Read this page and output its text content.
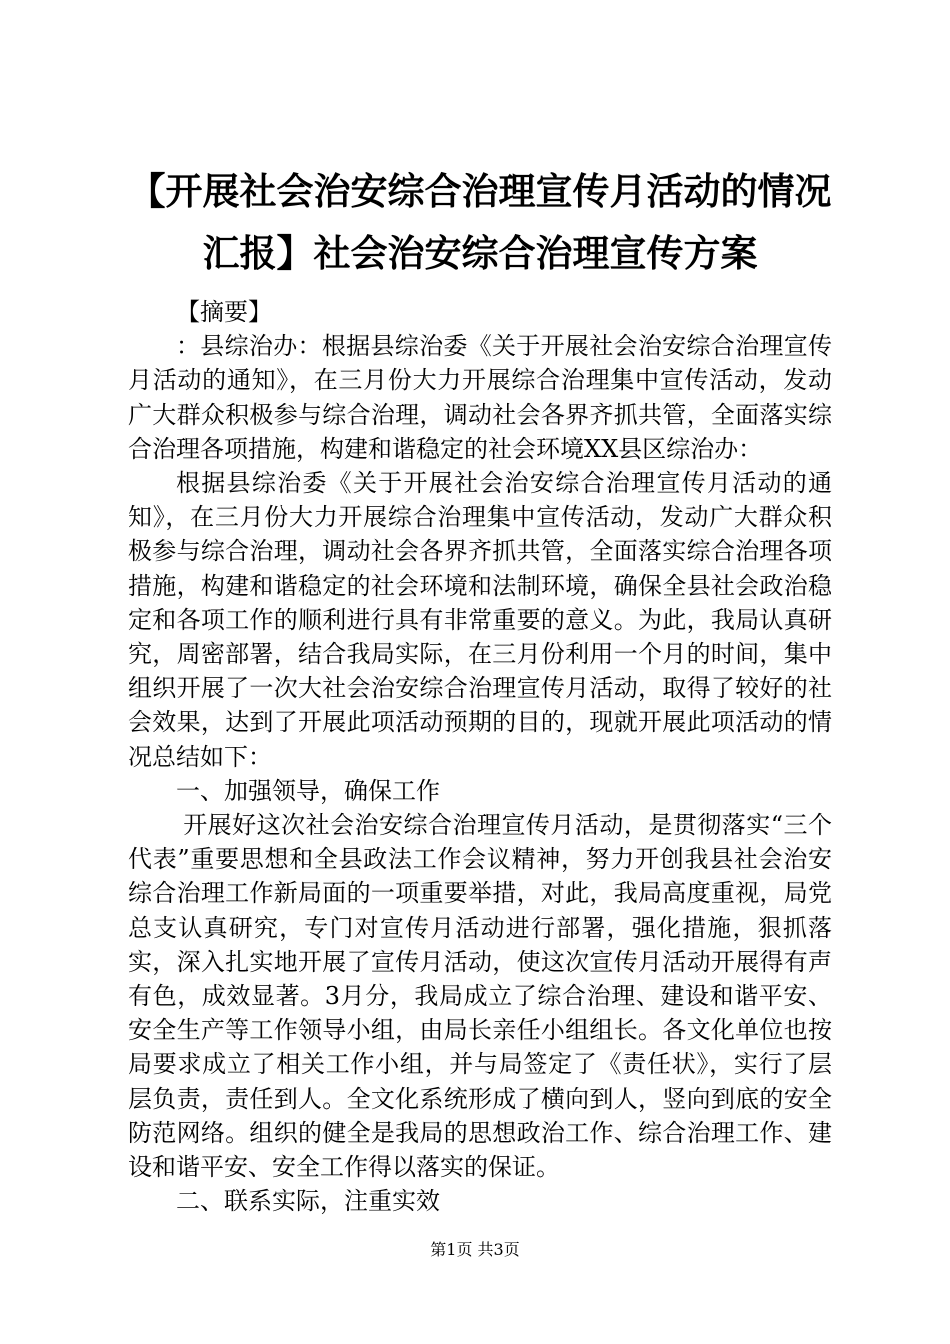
【开展社会治安综合治理宣传月活动的情况汇报】社会治安综合治理宣传方案

【摘要】

：县综治办：根据县综治委《关于开展社会治安综合治理宣传月活动的通知》，在三月份大力开展综合治理集中宣传活动，发动广大群众积极参与综合治理，调动社会各界齐抓共管，全面落实综合治理各项措施，构建和谐稳定的社会环境XX县区综治办：

根据县综治委《关于开展社会治安综合治理宣传月活动的通知》，在三月份大力开展综合治理集中宣传活动，发动广大群众积极参与综合治理，调动社会各界齐抓共管，全面落实综合治理各项措施，构建和谐稳定的社会环境和法制环境，确保全县社会政治稳定和各项工作的顺利进行具有非常重要的意义。为此，我局认真研究，周密部署，结合我局实际，在三月份利用一个月的时间，集中组织开展了一次大社会治安综合治理宣传月活动，取得了较好的社会效果，达到了开展此项活动预期的目的，现就开展此项活动的情况总结如下：

一、加强领导，确保工作

开展好这次社会治安综合治理宣传月活动，是贯彻落实“三个代表”重要思想和全县政法工作会议精神，努力开创我县社会治安综合治理工作新局面的一项重要举措，对此，我局高度重视，局党总支认真研究，专门对宣传月活动进行部署，强化措施，狠抓落实，深入扎实地开展了宣传月活动，使这次宣传月活动开展得有声有色，成效显著。3月分，我局成立了综合治理、建设和谐平安、安全生产等工作领导小组，由局长亲任小组组长。各文化单位也按局要求成立了相关工作小组，并与局签定了《责任状》，实行了层层负责，责任到人。全文化系统形成了横向到人，竖向到底的安全防范网络。组织的健全是我局的思想政治工作、综合治理工作、建设和谐平安、安全工作得以落实的保证。

二、联系实际，注重实效

第1页 共3页
